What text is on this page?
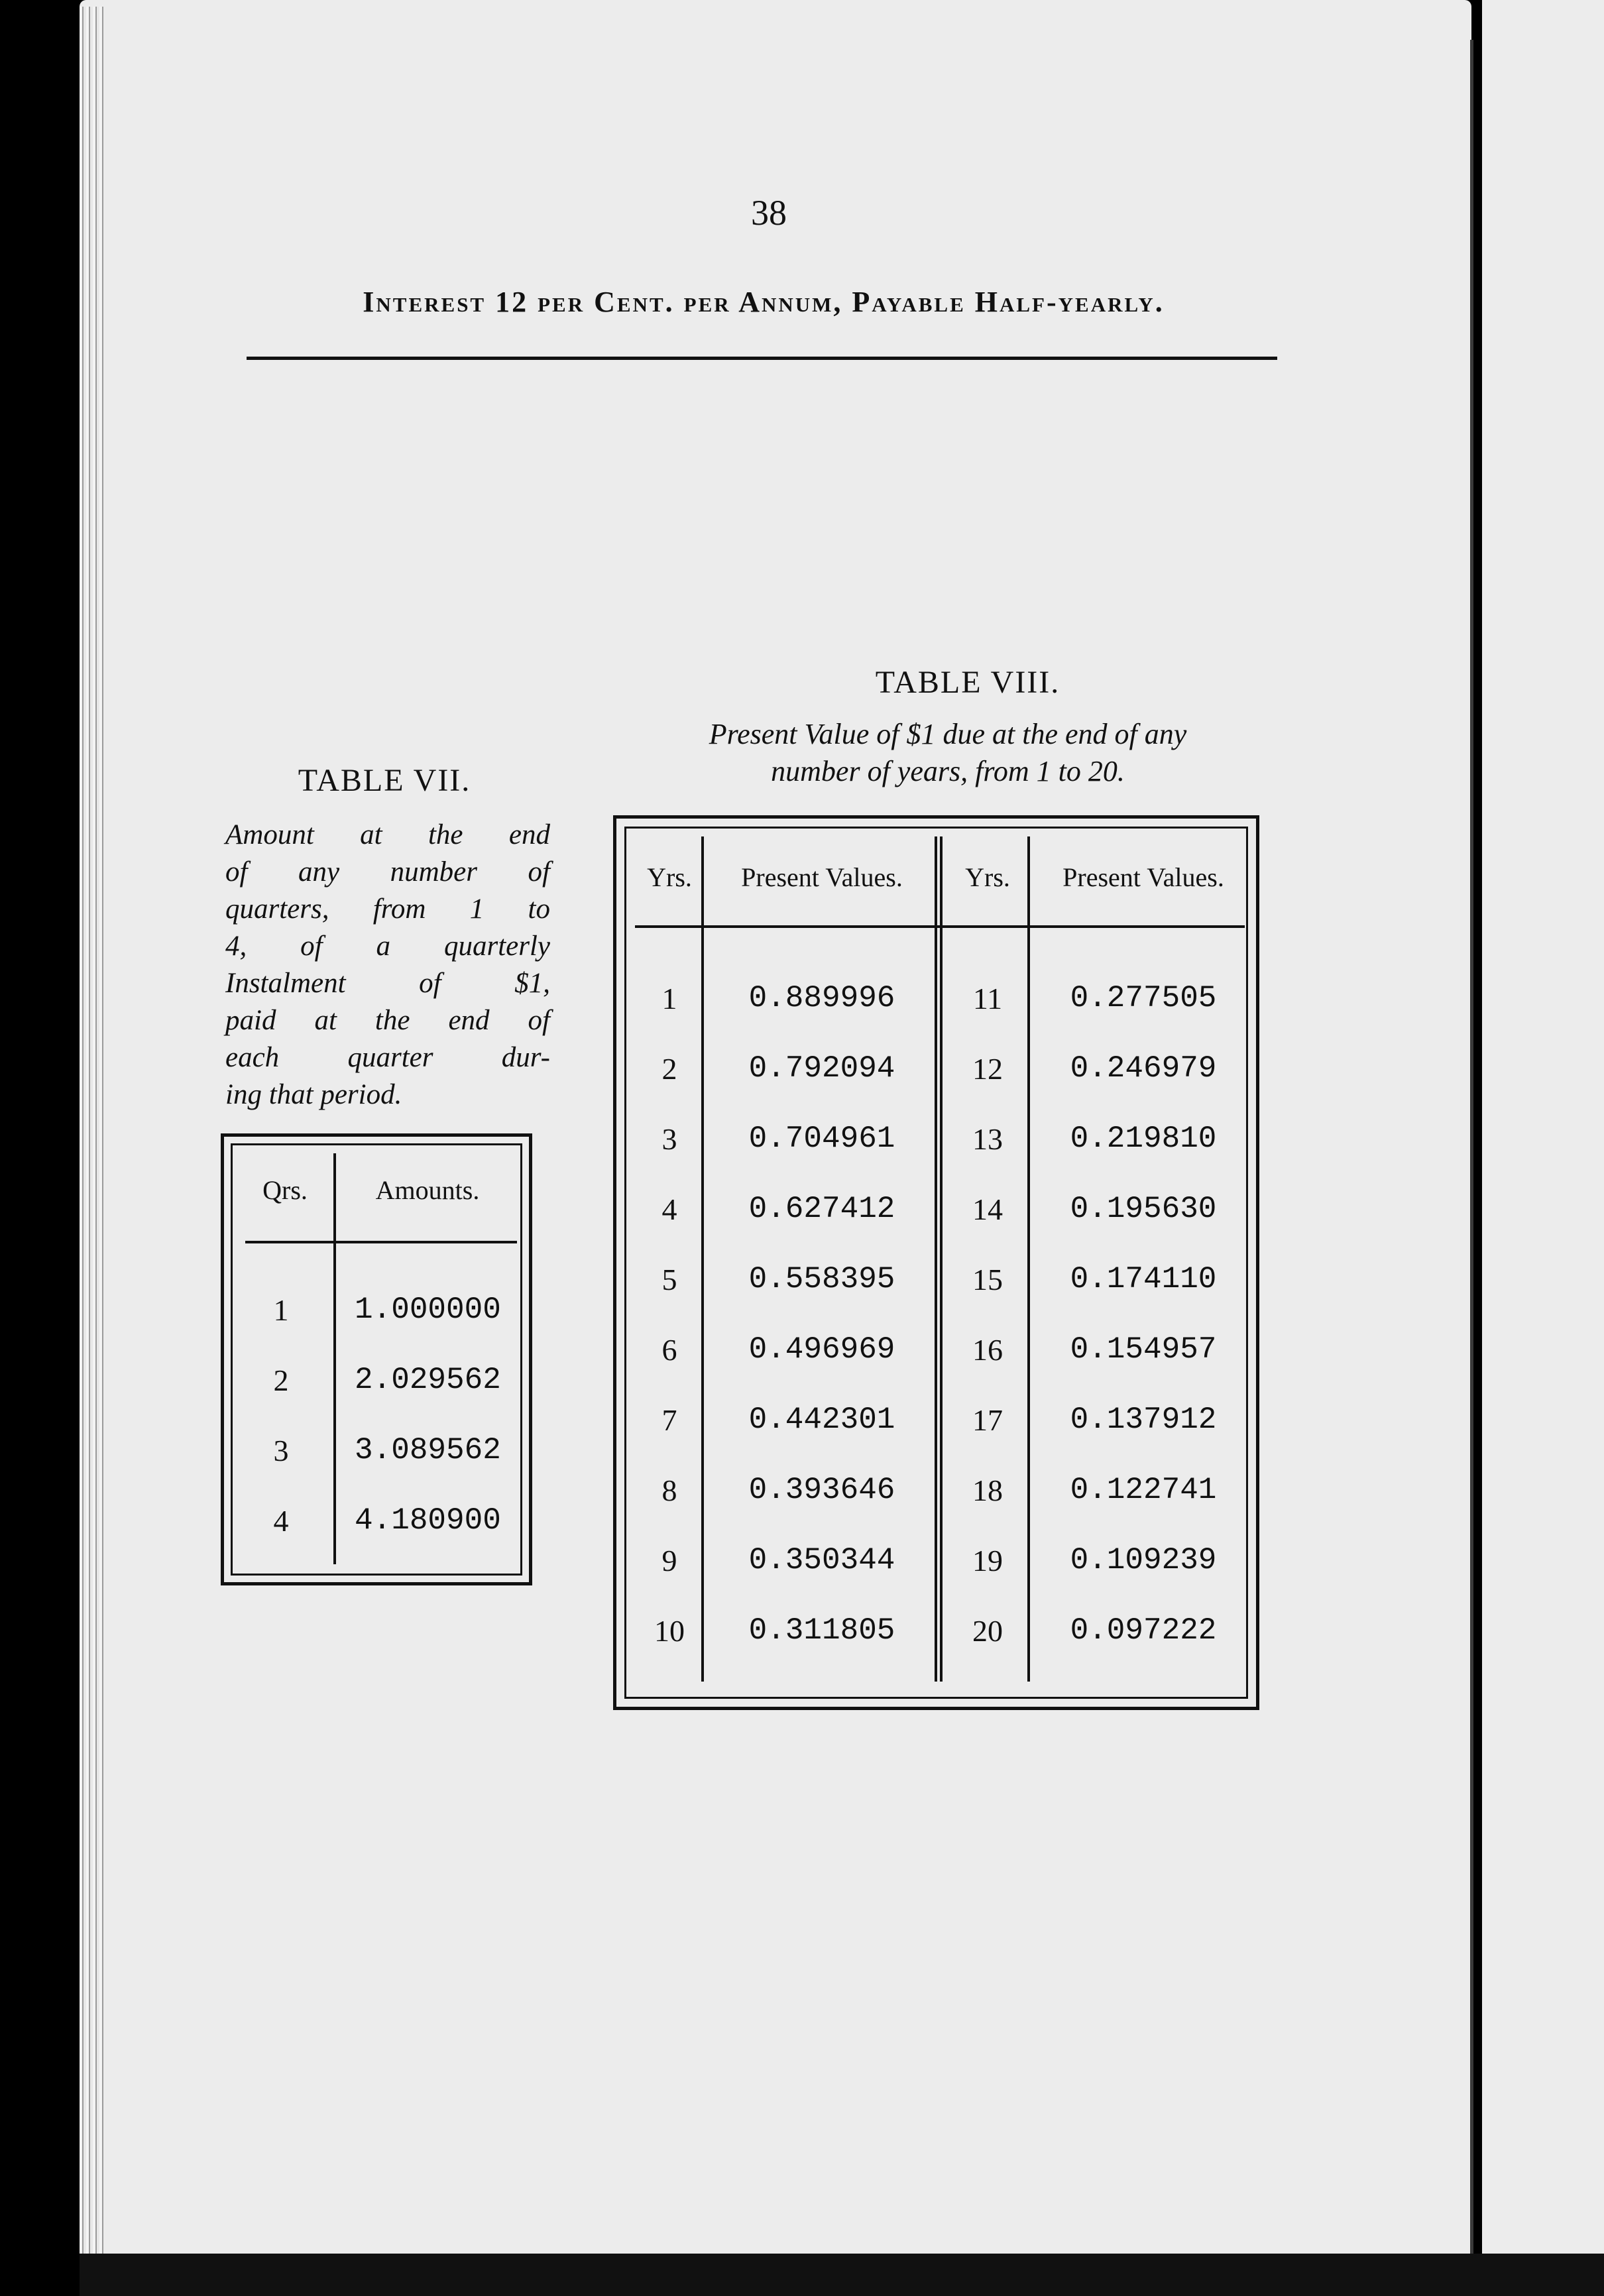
38
Interest 12 per Cent. per Annum, Payable Half-yearly.
TABLE VII.
Amount at the end
of any number of
quarters, from 1 to
4, of a quarterly
Instalment of $1,
paid at the end of
each quarter dur-
ing that period.
Qrs.	Amounts.
1	1.000000
2	2.029562
3	3.089562
4	4.180900
TABLE VIII.
Present Value of $1 due at the end of any
number of years, from 1 to 20.
Yrs.	Present Values.	Yrs.	Present Values.
1	0.889996	11	0.277505
2	0.792094	12	0.246979
3	0.704961	13	0.219810
4	0.627412	14	0.195630
5	0.558395	15	0.174110
6	0.496969	16	0.154957
7	0.442301	17	0.137912
8	0.393646	18	0.122741
9	0.350344	19	0.109239
10	0.311805	20	0.097222
